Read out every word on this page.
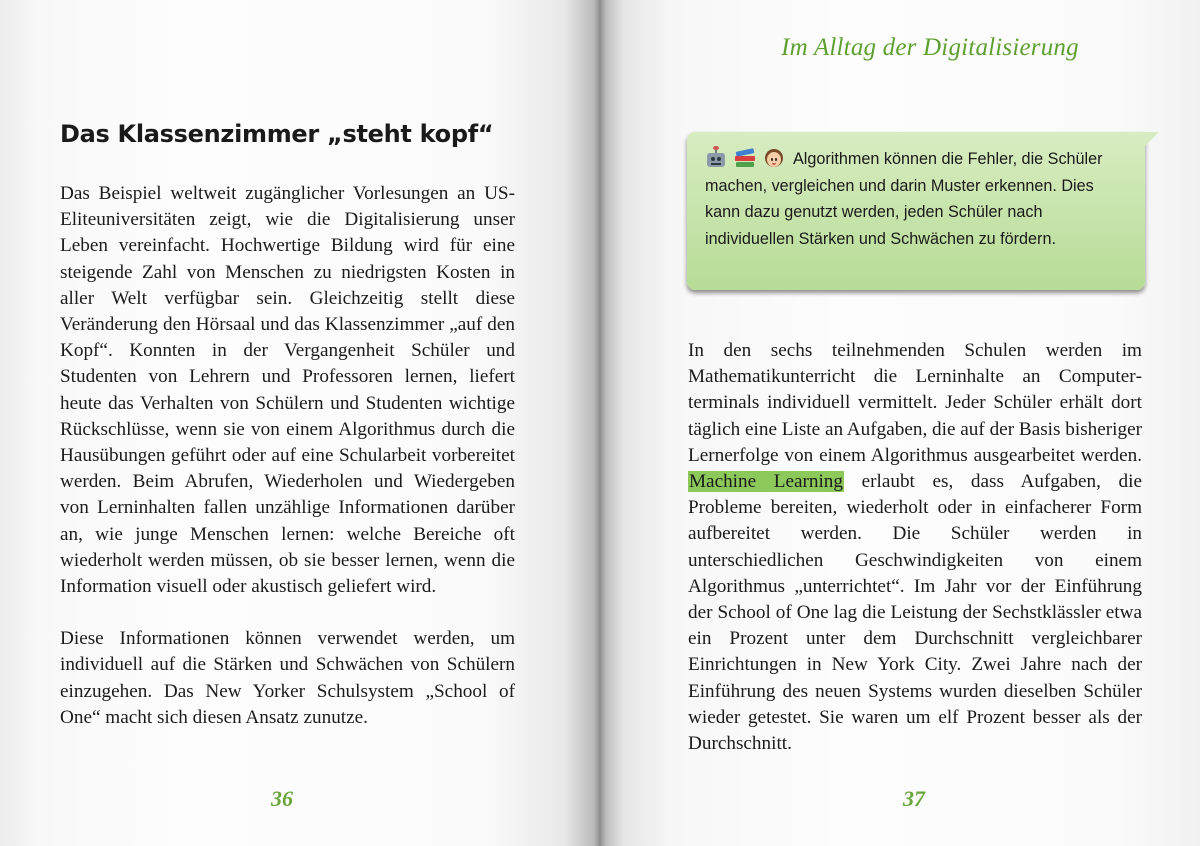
Das Klassenzimmer „steht kopf“

Das Beispiel weltweit zugänglicher Vorlesungen an US-Eliteuniversitäten zeigt, wie die Digitalisierung unser Leben vereinfacht. Hochwertige Bildung wird für eine steigende Zahl von Menschen zu niedrigsten Kosten in aller Welt verfügbar sein. Gleichzeitig stellt diese Veränderung den Hörsaal und das Klassenzimmer „auf den Kopf“. Konnten in der Vergangenheit Schüler und Studenten von Lehrern und Professoren lernen, liefert heute das Verhalten von Schülern und Studenten wichtige Rückschlüsse, wenn sie von einem Algorithmus durch die Hausübungen geführt oder auf eine Schularbeit vorbereitet werden. Beim Abrufen, Wiederholen und Wiedergeben von Lerninhalten fallen unzählige Informationen darüber an, wie junge Menschen lernen: welche Bereiche oft wiederholt werden müssen, ob sie besser lernen, wenn die Information visuell oder akustisch geliefert wird.

Diese Informationen können verwendet werden, um individuell auf die Stärken und Schwächen von Schülern einzugehen. Das New Yorker Schulsystem „School of One“ macht sich diesen Ansatz zunutze.

36
Im Alltag der Digitalisierung
Algorithmen können die Fehler, die Schüler machen, vergleichen und darin Muster erkennen. Dies kann dazu genutzt werden, jeden Schüler nach individuellen Stärken und Schwächen zu fördern.

In den sechs teilnehmenden Schulen werden im Mathematikunterricht die Lerninhalte an Computerterminals individuell vermittelt. Jeder Schüler erhält dort täglich eine Liste an Aufgaben, die auf der Basis bisheriger Lernerfolge von einem Algorithmus ausgearbeitet werden. Machine Learning erlaubt es, dass Aufgaben, die Probleme bereiten, wiederholt oder in einfacherer Form aufbereitet werden. Die Schüler werden in unterschiedlichen Geschwindigkeiten von einem Algorithmus „unterrichtet“. Im Jahr vor der Einführung der School of One lag die Leistung der Sechstklässler etwa ein Prozent unter dem Durchschnitt vergleichbarer Einrichtungen in New York City. Zwei Jahre nach der Einführung des neuen Systems wurden dieselben Schüler wieder getestet. Sie waren um elf Prozent besser als der Durchschnitt.

37
